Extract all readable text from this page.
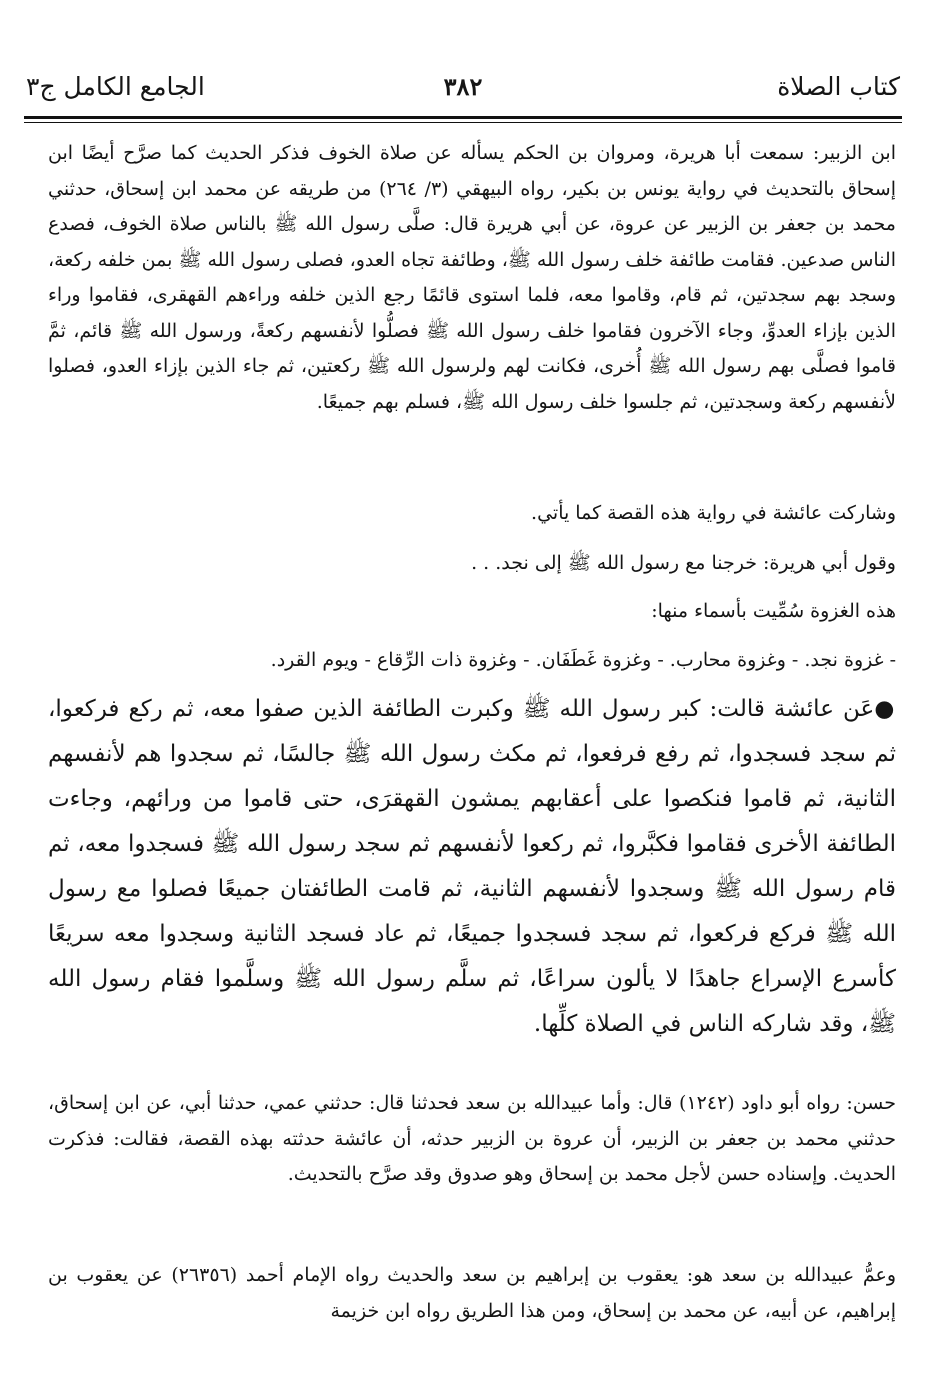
كتاب الصلاة
٣٨٢
الجامع الكامل ج٣

ابن الزبير: سمعت أبا هريرة، ومروان بن الحكم يسأله عن صلاة الخوف فذكر الحديث كما صرَّح أيضًا ابن إسحاق بالتحديث في رواية يونس بن بكير، رواه البيهقي (٣/ ٢٦٤) من طريقه عن محمد ابن إسحاق، حدثني محمد بن جعفر بن الزبير عن عروة، عن أبي هريرة قال: صلَّى رسول الله ﷺ بالناس صلاة الخوف، فصدع الناس صدعين. فقامت طائفة خلف رسول الله ﷺ، وطائفة تجاه العدو، فصلى رسول الله ﷺ بمن خلفه ركعة، وسجد بهم سجدتين، ثم قام، وقاموا معه، فلما استوى قائمًا رجع الذين خلفه وراءهم القهقرى، فقاموا وراء الذين بإزاء العدوِّ، وجاء الآخرون فقاموا خلف رسول الله ﷺ فصلُّوا لأنفسهم ركعةً، ورسول الله ﷺ قائم، ثمَّ قاموا فصلَّى بهم رسول الله ﷺ أُخرى، فكانت لهم ولرسول الله ﷺ ركعتين، ثم جاء الذين بإزاء العدو، فصلوا لأنفسهم ركعة وسجدتين، ثم جلسوا خلف رسول الله ﷺ، فسلم بهم جميعًا.

وشاركت عائشة في رواية هذه القصة كما يأتي.

وقول أبي هريرة: خرجنا مع رسول الله ﷺ إلى نجد. . .

هذه الغزوة سُمِّيت بأسماء منها:

- غزوة نجد. - وغزوة محارب. - وغزوة غَطَفَان. - وغزوة ذات الرِّقاع - ويوم القرد.

●عَن عائشة قالت: كبر رسول الله ﷺ وكبرت الطائفة الذين صفوا معه، ثم ركع فركعوا، ثم سجد فسجدوا، ثم رفع فرفعوا، ثم مكث رسول الله ﷺ جالسًا، ثم سجدوا هم لأنفسهم الثانية، ثم قاموا فنكصوا على أعقابهم يمشون القهقرَى، حتى قاموا من ورائهم، وجاءت الطائفة الأخرى فقاموا فكبَّروا، ثم ركعوا لأنفسهم ثم سجد رسول الله ﷺ فسجدوا معه، ثم قام رسول الله ﷺ وسجدوا لأنفسهم الثانية، ثم قامت الطائفتان جميعًا فصلوا مع رسول الله ﷺ فركع فركعوا، ثم سجد فسجدوا جميعًا، ثم عاد فسجد الثانية وسجدوا معه سريعًا كأسرع الإسراع جاهدًا لا يألون سراعًا، ثم سلَّم رسول الله ﷺ وسلَّموا فقام رسول الله ﷺ، وقد شاركه الناس في الصلاة كلِّها.

حسن: رواه أبو داود (١٢٤٢) قال: وأما عبيدالله بن سعد فحدثنا قال: حدثني عمي، حدثنا أبي، عن ابن إسحاق، حدثني محمد بن جعفر بن الزبير، أن عروة بن الزبير حدثه، أن عائشة حدثته بهذه القصة، فقالت: فذكرت الحديث. وإسناده حسن لأجل محمد بن إسحاق وهو صدوق وقد صرَّح بالتحديث.

وعمُّ عبيدالله بن سعد هو: يعقوب بن إبراهيم بن سعد والحديث رواه الإمام أحمد (٢٦٣٥٦) عن يعقوب بن إبراهيم، عن أبيه، عن محمد بن إسحاق، ومن هذا الطريق رواه ابن خزيمة
